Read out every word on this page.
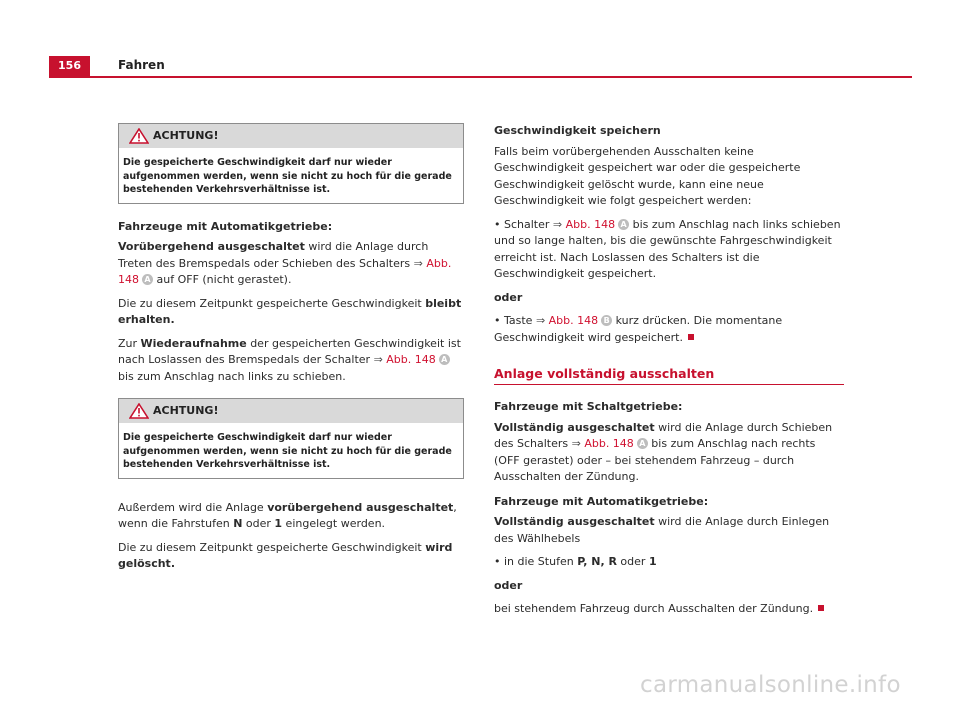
156	Fahren
ACHTUNG!
Die gespeicherte Geschwindigkeit darf nur wieder aufgenommen werden, wenn sie nicht zu hoch für die gerade bestehenden Verkehrsverhältnisse ist.

Fahrzeuge mit Automatikgetriebe:

Vorübergehend ausgeschaltet wird die Anlage durch Treten des Bremspedals oder Schieben des Schalters ⇒ Abb. 148 A auf OFF (nicht gerastet).

Die zu diesem Zeitpunkt gespeicherte Geschwindigkeit bleibt erhalten.

Zur Wiederaufnahme der gespeicherten Geschwindigkeit ist nach Loslassen des Bremspedals der Schalter ⇒ Abb. 148 A bis zum Anschlag nach links zu schieben.

ACHTUNG!
Die gespeicherte Geschwindigkeit darf nur wieder aufgenommen werden, wenn sie nicht zu hoch für die gerade bestehenden Verkehrsverhältnisse ist.

Außerdem wird die Anlage vorübergehend ausgeschaltet, wenn die Fahrstufen N oder 1 eingelegt werden.

Die zu diesem Zeitpunkt gespeicherte Geschwindigkeit wird gelöscht.

Geschwindigkeit speichern

Falls beim vorübergehenden Ausschalten keine Geschwindigkeit gespeichert war oder die gespeicherte Geschwindigkeit gelöscht wurde, kann eine neue Geschwindigkeit wie folgt gespeichert werden:

• Schalter ⇒ Abb. 148 A bis zum Anschlag nach links schieben und so lange halten, bis die gewünschte Fahrgeschwindigkeit erreicht ist. Nach Loslassen des Schalters ist die Geschwindigkeit gespeichert.

oder

• Taste ⇒ Abb. 148 B kurz drücken. Die momentane Geschwindigkeit wird gespeichert.

Anlage vollständig ausschalten

Fahrzeuge mit Schaltgetriebe:

Vollständig ausgeschaltet wird die Anlage durch Schieben des Schalters ⇒ Abb. 148 A bis zum Anschlag nach rechts (OFF gerastet) oder – bei stehendem Fahrzeug – durch Ausschalten der Zündung.

Fahrzeuge mit Automatikgetriebe:

Vollständig ausgeschaltet wird die Anlage durch Einlegen des Wählhebels

• in die Stufen P, N, R oder 1

oder

bei stehendem Fahrzeug durch Ausschalten der Zündung.

carmanualsonline.info
